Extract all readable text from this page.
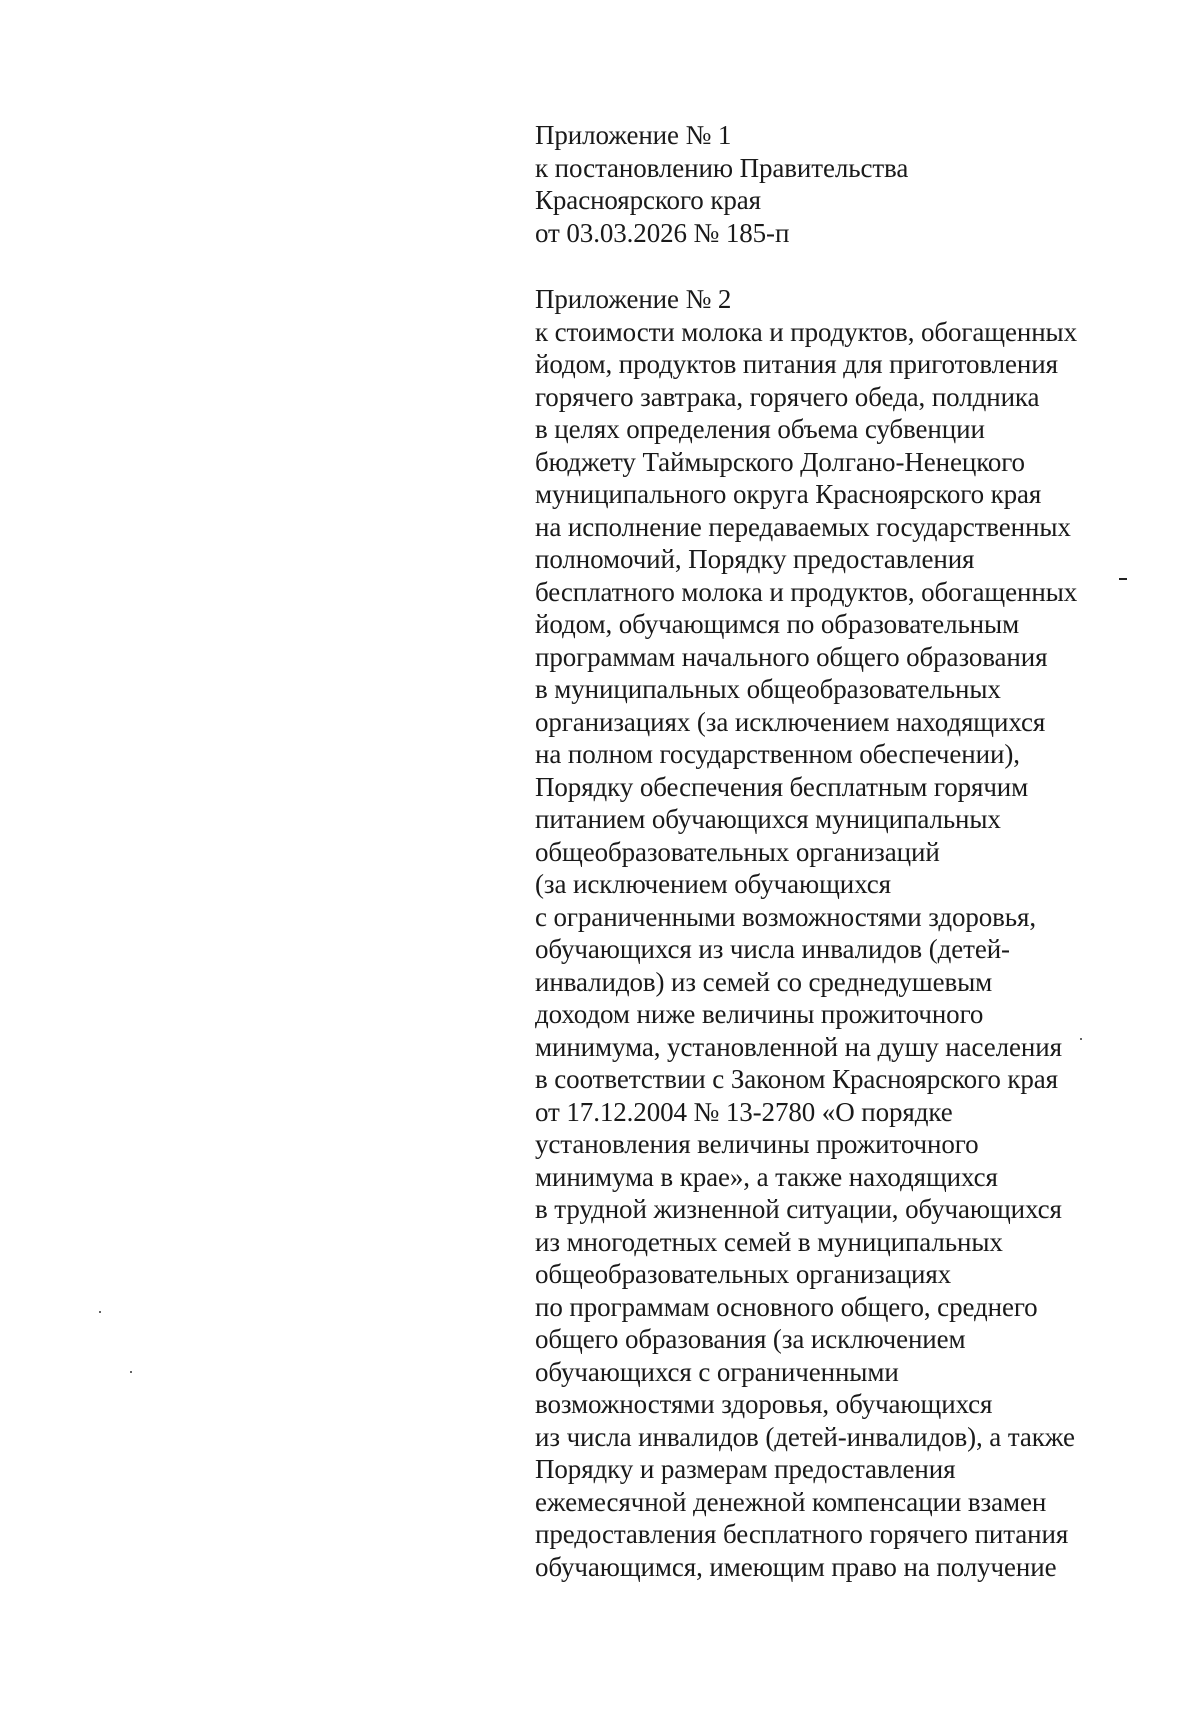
Приложение № 1
к постановлению Правительства
Красноярского края
от 03.03.2026 № 185-п
Приложение № 2
к стоимости молока и продуктов, обогащенных
йодом, продуктов питания для приготовления
горячего завтрака, горячего обеда, полдника
в целях определения объема субвенции
бюджету Таймырского Долгано-Ненецкого
муниципального округа Красноярского края
на исполнение передаваемых государственных
полномочий, Порядку предоставления
бесплатного молока и продуктов, обогащенных
йодом, обучающимся по образовательным
программам начального общего образования
в муниципальных общеобразовательных
организациях (за исключением находящихся
на полном государственном обеспечении),
Порядку обеспечения бесплатным горячим
питанием обучающихся муниципальных
общеобразовательных организаций
(за исключением обучающихся
с ограниченными возможностями здоровья,
обучающихся из числа инвалидов (детей-
инвалидов) из семей со среднедушевым
доходом ниже величины прожиточного
минимума, установленной на душу населения
в соответствии с Законом Красноярского края
от 17.12.2004 № 13-2780 «О порядке
установления величины прожиточного
минимума в крае», а также находящихся
в трудной жизненной ситуации, обучающихся
из многодетных семей в муниципальных
общеобразовательных организациях
по программам основного общего, среднего
общего образования (за исключением
обучающихся с ограниченными
возможностями здоровья, обучающихся
из числа инвалидов (детей-инвалидов), а также
Порядку и размерам предоставления
ежемесячной денежной компенсации взамен
предоставления бесплатного горячего питания
обучающимся, имеющим право на получение
